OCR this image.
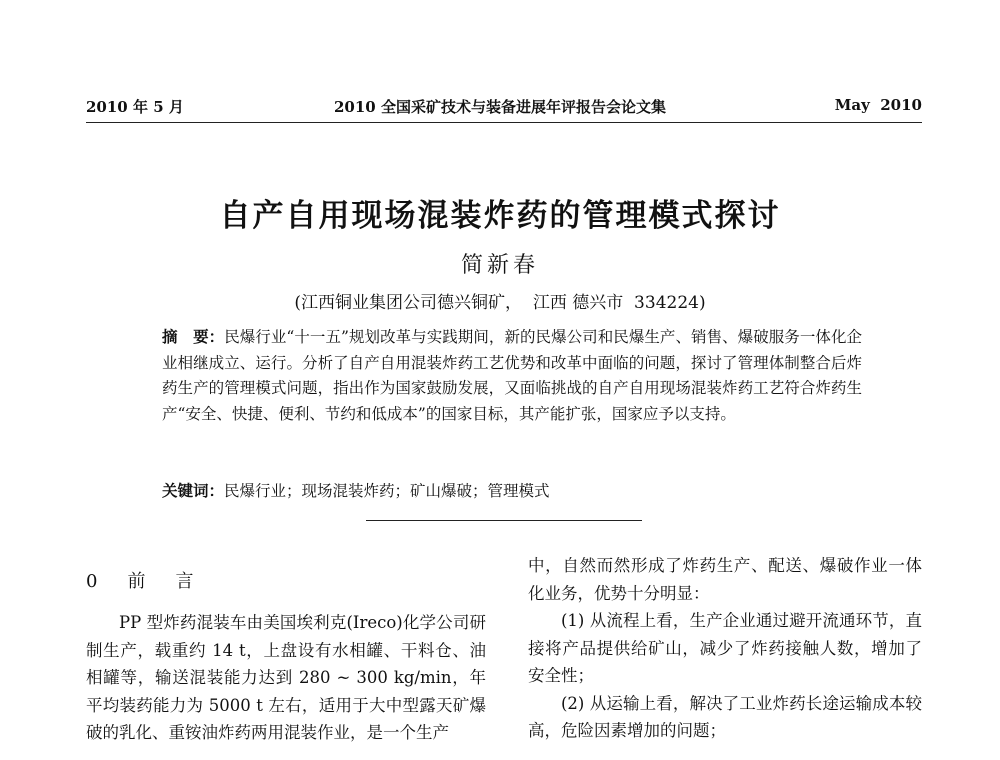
2010 年 5 月	2010 全国采矿技术与装备进展年评报告会论文集	May  2010
自产自用现场混装炸药的管理模式探讨
简新春
(江西铜业集团公司德兴铜矿，  江西 德兴市  334224)
摘　要：民爆行业“十一五”规划改革与实践期间，新的民爆公司和民爆生产、销售、爆破服务一体化企业相继成立、运行。分析了自产自用混装炸药工艺优势和改革中面临的问题，探讨了管理体制整合后炸药生产的管理模式问题，指出作为国家鼓励发展，又面临挑战的自产自用现场混装炸药工艺符合炸药生产“安全、快捷、便利、节约和低成本”的国家目标，其产能扩张，国家应予以支持。
关键词：民爆行业；现场混装炸药；矿山爆破；管理模式
0　前　言

PP 型炸药混装车由美国埃利克(Ireco)化学公司研制生产，载重约 14 t，上盘设有水相罐、干料仓、油相罐等，输送混装能力达到 280 ~ 300 kg/min，年平均装药能力为 5000 t 左右，适用于大中型露天矿爆破的乳化、重铵油炸药两用混装作业，是一个生产

中，自然而然形成了炸药生产、配送、爆破作业一体化业务，优势十分明显：

(1) 从流程上看，生产企业通过避开流通环节，直接将产品提供给矿山，减少了炸药接触人数，增加了安全性；

(2) 从运输上看，解决了工业炸药长途运输成本较高，危险因素增加的问题；
